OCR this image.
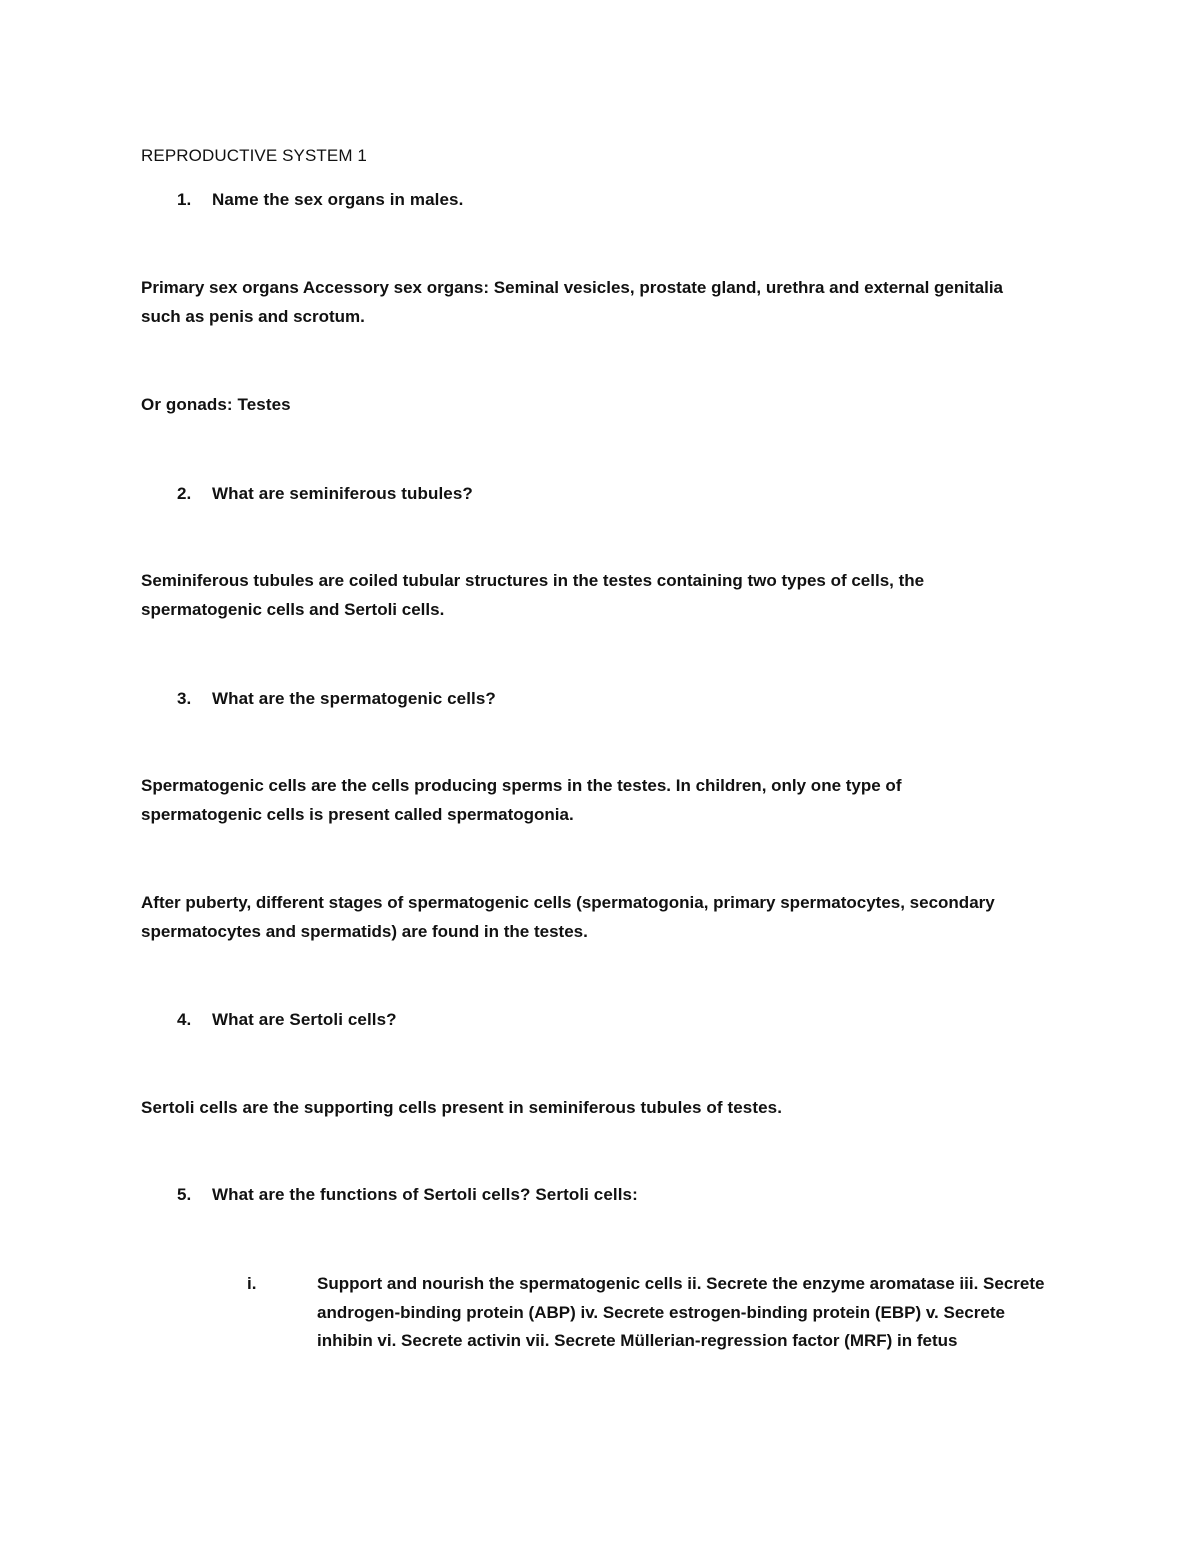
REPRODUCTIVE SYSTEM 1
1. Name the sex organs in males.
Primary sex organs Accessory sex organs: Seminal vesicles, prostate gland, urethra and external genitalia such as penis and scrotum.
Or gonads: Testes
2. What are seminiferous tubules?
Seminiferous tubules are coiled tubular structures in the testes containing two types of cells, the spermatogenic cells and Sertoli cells.
3. What are the spermatogenic cells?
Spermatogenic cells are the cells producing sperms in the testes. In children, only one type of spermatogenic cells is present called spermatogonia.
After puberty, different stages of spermatogenic cells (spermatogonia, primary spermatocytes, secondary spermatocytes and spermatids) are found in the testes.
4. What are Sertoli cells?
Sertoli cells are the supporting cells present in seminiferous tubules of testes.
5. What are the functions of Sertoli cells? Sertoli cells:
i.	Support and nourish the spermatogenic cells ii. Secrete the enzyme aromatase iii. Secrete androgen-binding protein (ABP) iv. Secrete estrogen-binding protein (EBP) v. Secrete inhibin vi. Secrete activin vii. Secrete Müllerian-regression factor (MRF) in fetus
